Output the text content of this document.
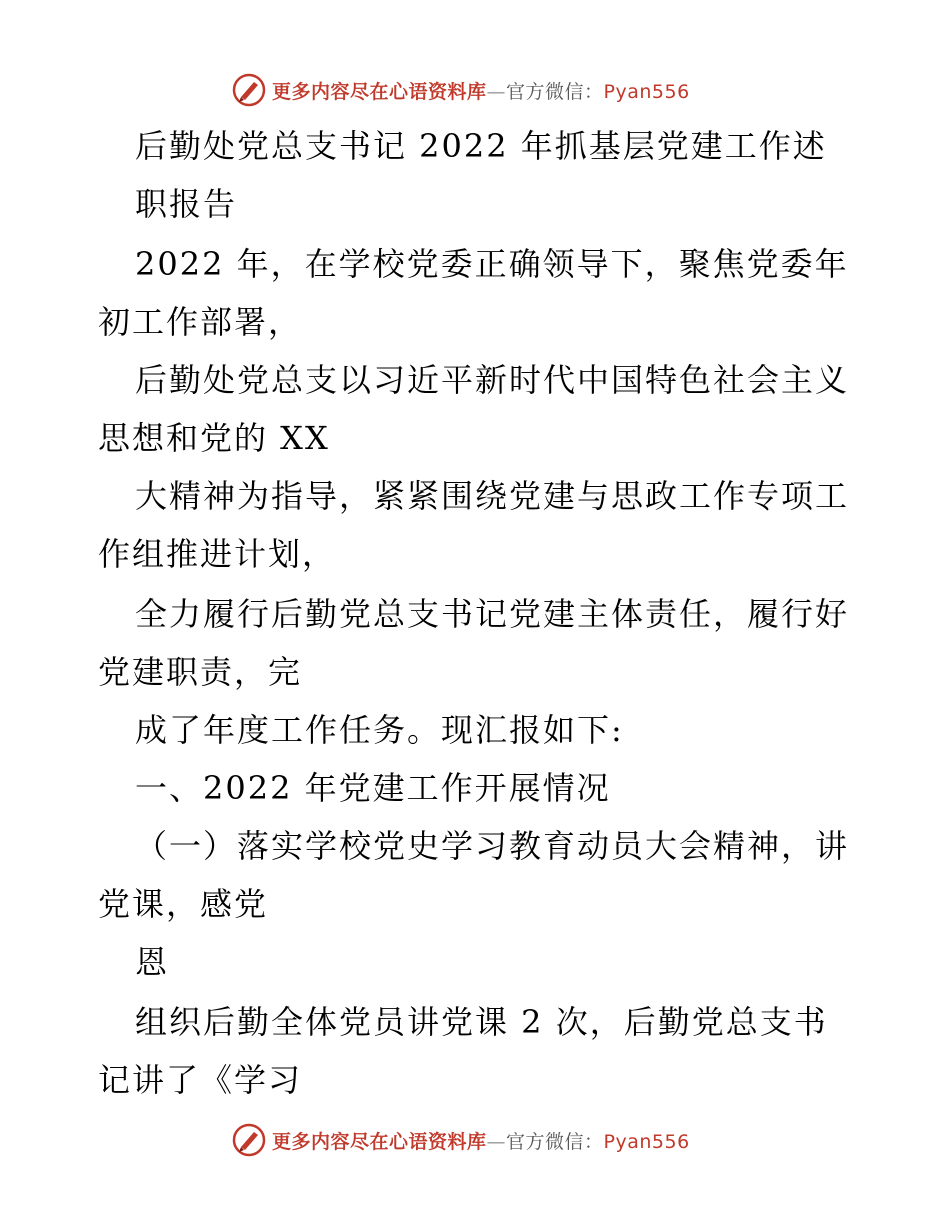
更多内容尽在心语资料库—官方微信：Pyan556
后勤处党总支书记 2022 年抓基层党建工作述
职报告
2022 年，在学校党委正确领导下，聚焦党委年
初工作部署，
后勤处党总支以习近平新时代中国特色社会主义
思想和党的 XX
大精神为指导，紧紧围绕党建与思政工作专项工
作组推进计划，
全力履行后勤党总支书记党建主体责任，履行好
党建职责，完
成了年度工作任务。现汇报如下:
一、2022 年党建工作开展情况
（一）落实学校党史学习教育动员大会精神，讲
党课，感党
恩
组织后勤全体党员讲党课 2 次，后勤党总支书
记讲了《学习
更多内容尽在心语资料库—官方微信：Pyan556
